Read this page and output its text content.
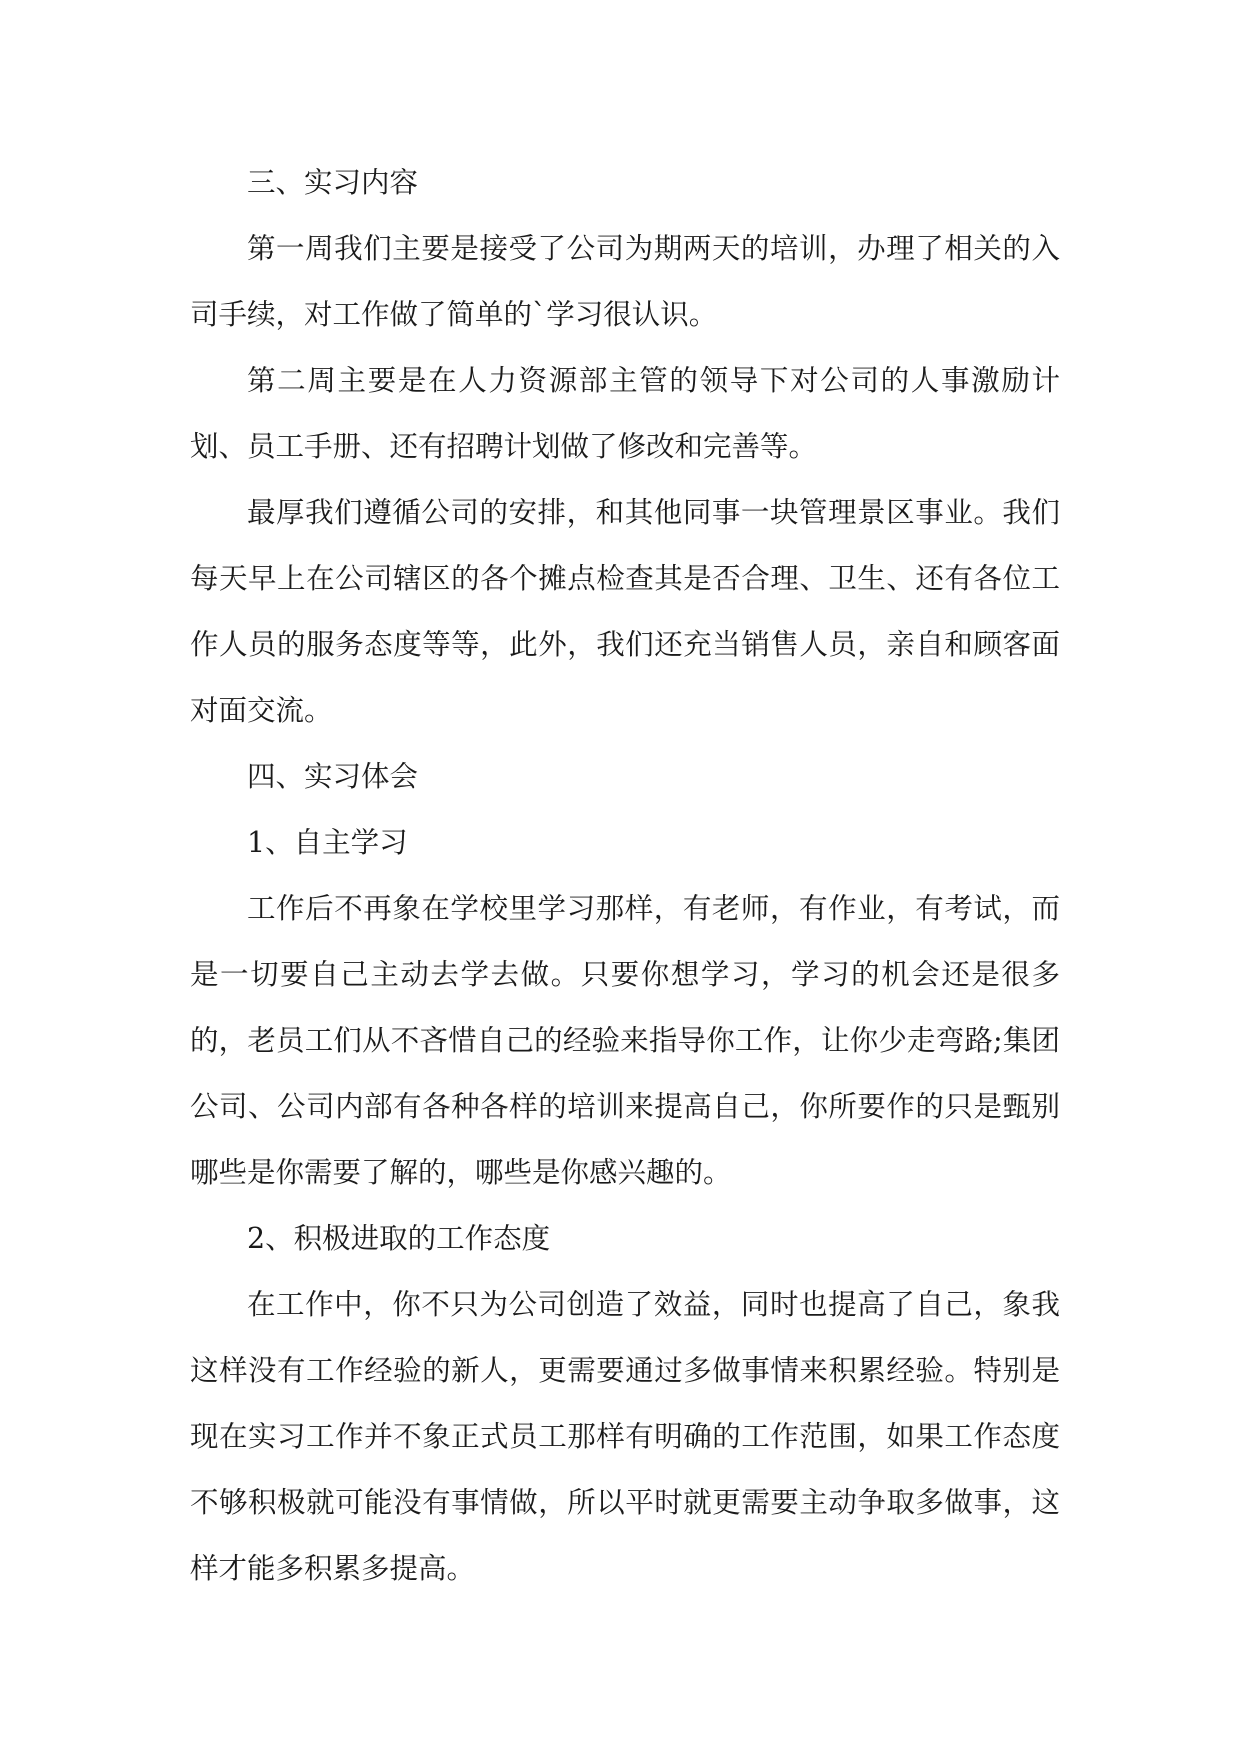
三、实习内容

第一周我们主要是接受了公司为期两天的培训，办理了相关的入司手续，对工作做了简单的`学习很认识。

第二周主要是在人力资源部主管的领导下对公司的人事激励计划、员工手册、还有招聘计划做了修改和完善等。

最厚我们遵循公司的安排，和其他同事一块管理景区事业。我们每天早上在公司辖区的各个摊点检查其是否合理、卫生、还有各位工作人员的服务态度等等，此外，我们还充当销售人员，亲自和顾客面对面交流。

四、实习体会

1、自主学习

工作后不再象在学校里学习那样，有老师，有作业，有考试，而是一切要自己主动去学去做。只要你想学习，学习的机会还是很多的，老员工们从不吝惜自己的经验来指导你工作，让你少走弯路;集团公司、公司内部有各种各样的培训来提高自己，你所要作的只是甄别哪些是你需要了解的，哪些是你感兴趣的。

2、积极进取的工作态度

在工作中，你不只为公司创造了效益，同时也提高了自己，象我这样没有工作经验的新人，更需要通过多做事情来积累经验。特别是现在实习工作并不象正式员工那样有明确的工作范围，如果工作态度不够积极就可能没有事情做，所以平时就更需要主动争取多做事，这样才能多积累多提高。
